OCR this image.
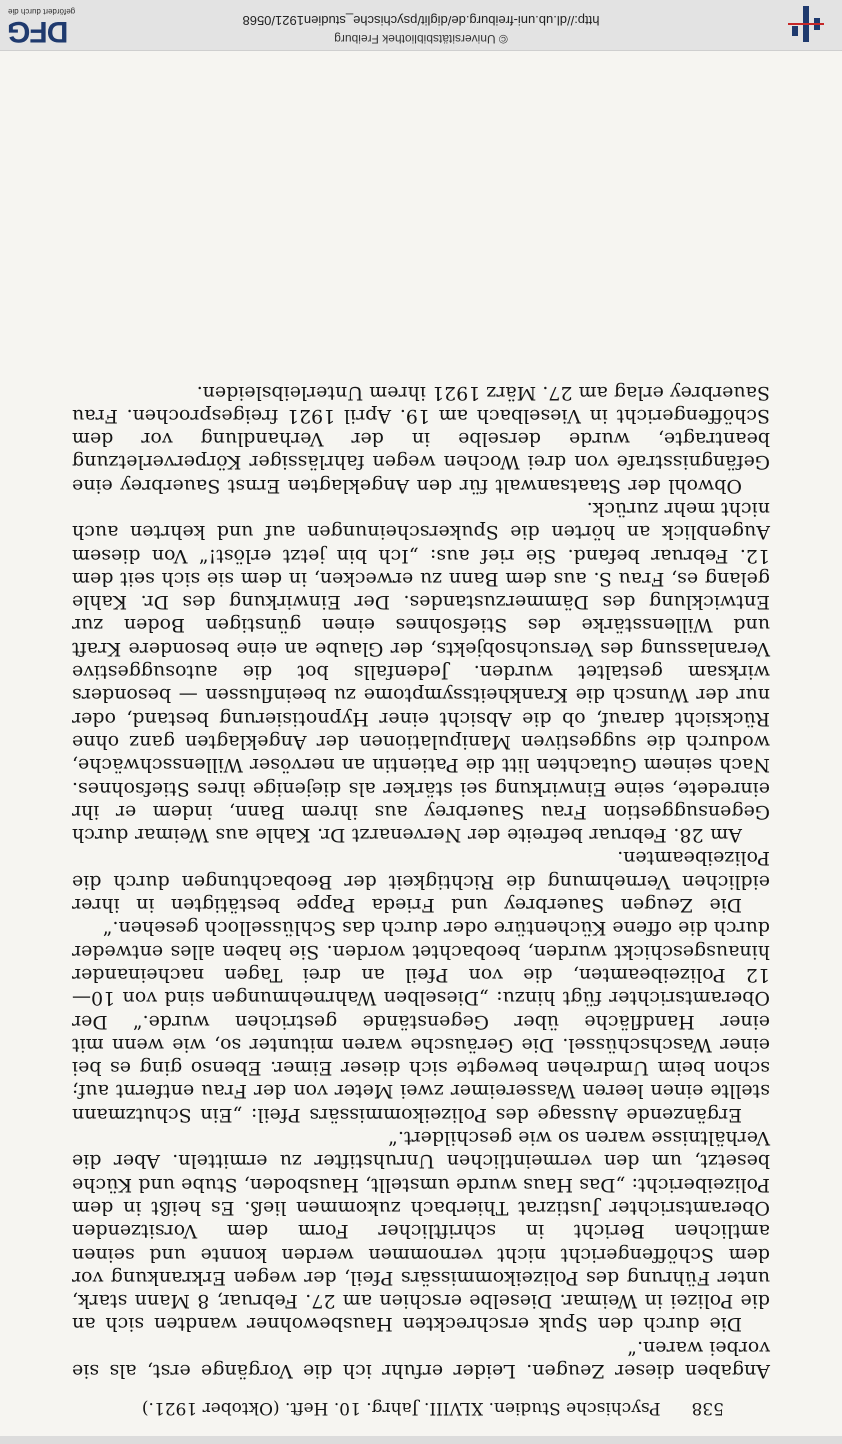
http://dl.ub.uni-freiburg.de/diglit/psychische_studien1921/0568
© Universitätsbibliothek Freiburg
DFG
gefördert durch die
538 Psychische Studien. XLVIII. Jahrg. 10. Heft. (Oktober 1921.)

Angaben dieser Zeugen. Leider erfuhr ich die Vorgänge erst, als sie vorbei waren.“

Die durch den Spuk erschreckten Hausbewohner wandten sich an die Polizei in Weimar. Dieselbe erschien am 27. Februar, 8 Mann stark, unter Führung des Polizeikommissärs Pfeil, der wegen Erkrankung vor dem Schöffengericht nicht vernommen werden konnte und seinen amtlichen Bericht in schriftlicher Form dem Vorsitzenden Oberamtsrichter Justizrat Thierbach zukommen ließ. Es heißt in dem Polizeibericht: „Das Haus wurde umstellt, Hausboden, Stube und Küche besetzt, um den vermeintlichen Unruhstifter zu ermitteln. Aber die Verhältnisse waren so wie geschildert.“

Ergänzende Aussage des Polizeikommissärs Pfeil: „Ein Schutzmann stellte einen leeren Wassereimer zwei Meter von der Frau entfernt auf; schon beim Umdrehen bewegte sich dieser Eimer. Ebenso ging es bei einer Waschschüssel. Die Geräusche waren mitunter so, wie wenn mit einer Handfläche über Gegenstände gestrichen wurde.“ Der Oberamtsrichter fügt hinzu: „Dieselben Wahrnehmungen sind von 10—12 Polizeibeamten, die von Pfeil an drei Tagen nacheinander hinausgeschickt wurden, beobachtet worden. Sie haben alles entweder durch die offene Küchentüre oder durch das Schlüsselloch gesehen.“

Die Zeugen Sauerbrey und Frieda Pappe bestätigten in ihrer eidlichen Vernehmung die Richtigkeit der Beobachtungen durch die Polizeibeamten.

Am 28. Februar befreite der Nervenarzt Dr. Kahle aus Weimar durch Gegensuggestion Frau Sauerbrey aus ihrem Bann, indem er ihr einredete, seine Einwirkung sei stärker als diejenige ihres Stiefsohnes. Nach seinem Gutachten litt die Patientin an nervöser Willensschwäche, wodurch die suggestiven Manipulationen der Angeklagten ganz ohne Rücksicht darauf, ob die Absicht einer Hypnotisierung bestand, oder nur der Wunsch die Krankheitssymptome zu beeinflussen — besonders wirksam gestaltet wurden. Jedenfalls bot die autosuggestive Veranlassung des Versuchsobjekts, der Glaube an eine besondere Kraft und Willensstärke des Stiefsohnes einen günstigen Boden zur Entwicklung des Dämmerzustandes. Der Einwirkung des Dr. Kahle gelang es, Frau S. aus dem Bann zu erwecken, in dem sie sich seit dem 12. Februar befand. Sie rief aus: „Ich bin jetzt erlöst!“ Von diesem Augenblick an hörten die Spukerscheinungen auf und kehrten auch nicht mehr zurück.

Obwohl der Staatsanwalt für den Angeklagten Ernst Sauerbrey eine Gefängnisstrafe von drei Wochen wegen fahrlässiger Körperverletzung beantragte, wurde derselbe in der Verhandlung vor dem Schöffengericht in Vieselbach am 19. April 1921 freigesprochen. Frau Sauerbrey erlag am 27. März 1921 ihrem Unterleibsleiden.
